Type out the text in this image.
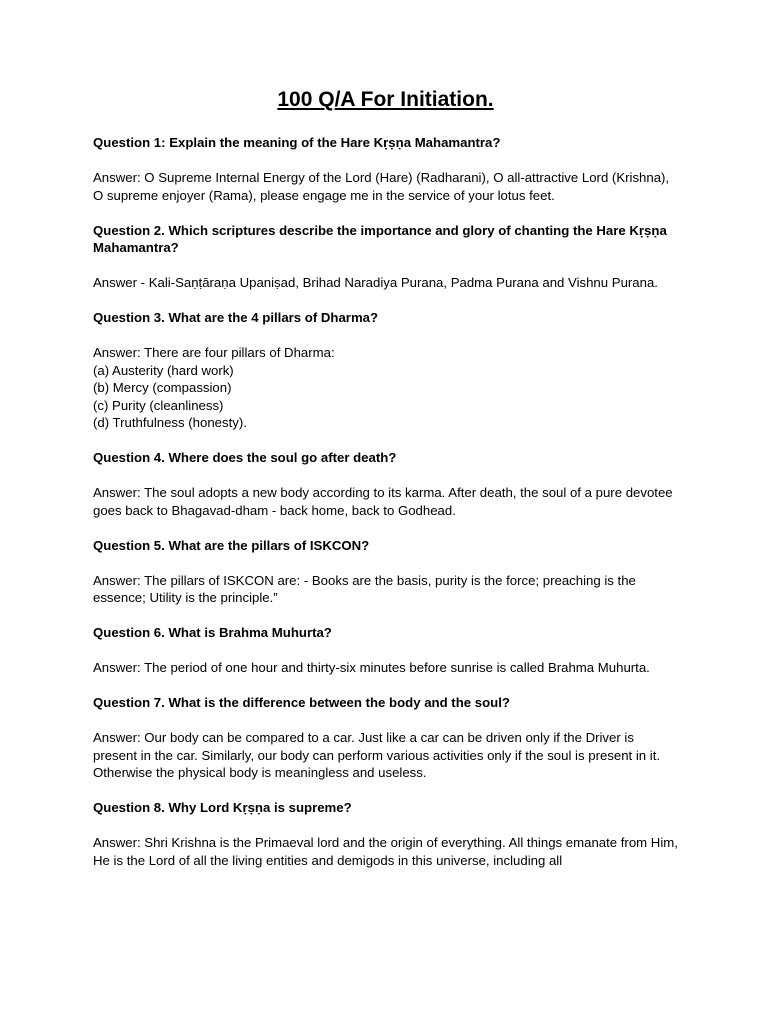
100 Q/A For Initiation.
Question 1: Explain the meaning of the Hare Kṛṣṇa Mahamantra?
Answer: O Supreme Internal Energy of the Lord (Hare) (Radharani), O all-attractive Lord (Krishna), O supreme enjoyer (Rama), please engage me in the service of your lotus feet.
Question 2. Which scriptures describe the importance and glory of chanting the Hare Kṛṣṇa Mahamantra?
Answer - Kali-Saṇṭāraṇa Upaniṣad, Brihad Naradiya Purana, Padma Purana and Vishnu Purana.
Question 3. What are the 4 pillars of Dharma?
Answer: There are four pillars of Dharma:
(a) Austerity (hard work)
(b) Mercy (compassion)
(c) Purity (cleanliness)
(d) Truthfulness (honesty).
Question 4. Where does the soul go after death?
Answer: The soul adopts a new body according to its karma. After death, the soul of a pure devotee goes back to Bhagavad-dham - back home, back to Godhead.
Question 5. What are the pillars of ISKCON?
Answer: The pillars of ISKCON are: - Books are the basis, purity is the force; preaching is the essence; Utility is the principle.”
Question 6. What is Brahma Muhurta?
Answer: The period of one hour and thirty-six minutes before sunrise is called Brahma Muhurta.
Question 7. What is the difference between the body and the soul?
Answer: Our body can be compared to a car. Just like a car can be driven only if the Driver is present in the car. Similarly, our body can perform various activities only if the soul is present in it. Otherwise the physical body is meaningless and useless.
Question 8. Why Lord Kṛṣṇa is supreme?
Answer: Shri Krishna is the Primaeval lord and the origin of everything. All things emanate from Him, He is the Lord of all the living entities and demigods in this universe, including all
